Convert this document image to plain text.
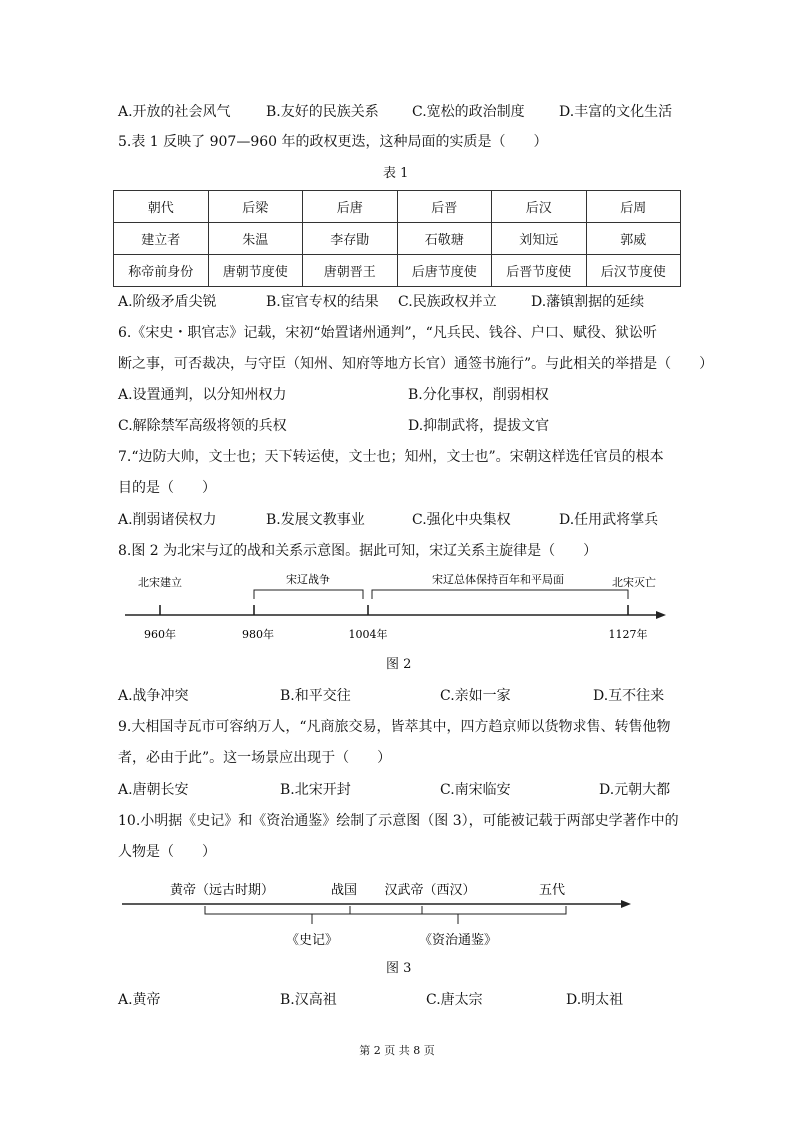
A.开放的社会风气	B.友好的民族关系 C.宽松的政治制度 D.丰富的文化生活
5.表 1 反映了 907—960 年的政权更迭，这种局面的实质是（　　）
表 1
朝代	后梁	后唐	后晋	后汉	后周
建立者	朱温	李存勖	石敬瑭	刘知远	郭威
称帝前身份	唐朝节度使	唐朝晋王	后唐节度使	后晋节度使	后汉节度使
A.阶级矛盾尖锐	B.宦官专权的结果 C.民族政权并立 D.藩镇割据的延续
6.《宋史・职官志》记载，宋初“始置诸州通判”，“凡兵民、钱谷、户口、赋役、狱讼听
断之事，可否裁决，与守臣（知州、知府等地方长官）通签书施行”。与此相关的举措是（　　）
A.设置通判，以分知州权力	B.分化事权，削弱相权
C.解除禁军高级将领的兵权	D.抑制武将，提拔文官
7.“边防大帅，文士也；天下转运使，文士也；知州，文士也”。宋朝这样选任官员的根本
目的是（　　）
A.削弱诸侯权力	B.发展文教事业	C.强化中央集权	D.任用武将掌兵
8.图 2 为北宋与辽的战和关系示意图。据此可知，宋辽关系主旋律是（　　）
北宋建立	宋辽战争	宋辽总体保持百年和平局面	北宋灭亡
960年	980年	1004年	1127年
图 2
A.战争冲突	B.和平交往	C.亲如一家	D.互不往来
9.大相国寺瓦市可容纳万人，“凡商旅交易，皆萃其中，四方趋京师以货物求售、转售他物
者，必由于此”。这一场景应出现于（　　）
A.唐朝长安	B.北宋开封	C.南宋临安	D.元朝大都
10.小明据《史记》和《资治通鉴》绘制了示意图（图 3），可能被记载于两部史学著作中的
人物是（　　）
黄帝（远古时期）	战国 汉武帝（西汉）	五代
《史记》	《资治通鉴》
图 3
A.黄帝	B.汉高祖	C.唐太宗	D.明太祖
第 2 页 共 8 页
